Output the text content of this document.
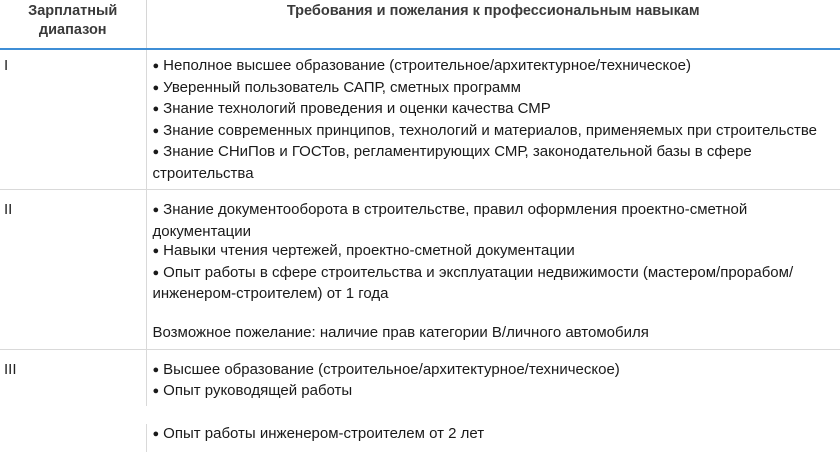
Зарплатный диапазон	Требования и пожелания к профессиональным навыкам
I	● Неполное высшее образование (строительное/архитектурное/техническое)
● Уверенный пользователь САПР, сметных программ
● Знание технологий проведения и оценки качества СМР
● Знание современных принципов, технологий и материалов, применяемых при строительстве
● Знание СНиПов и ГОСТов, регламентирующих СМР, законодательной базы в сфере строительства

II	● Знание документооборота в строительстве, правил оформления проектно-сметной документации
● Навыки чтения чертежей, проектно-сметной документации
● Опыт работы в сфере строительства и эксплуатации недвижимости (мастером/прорабом/ инженером-строителем) от 1 года
Возможное пожелание: наличие прав категории B/личного автомобиля

III	● Высшее образование (строительное/архитектурное/техническое)
● Опыт руководящей работы
●
● Опыт работы инженером-строителем от 2 лет
